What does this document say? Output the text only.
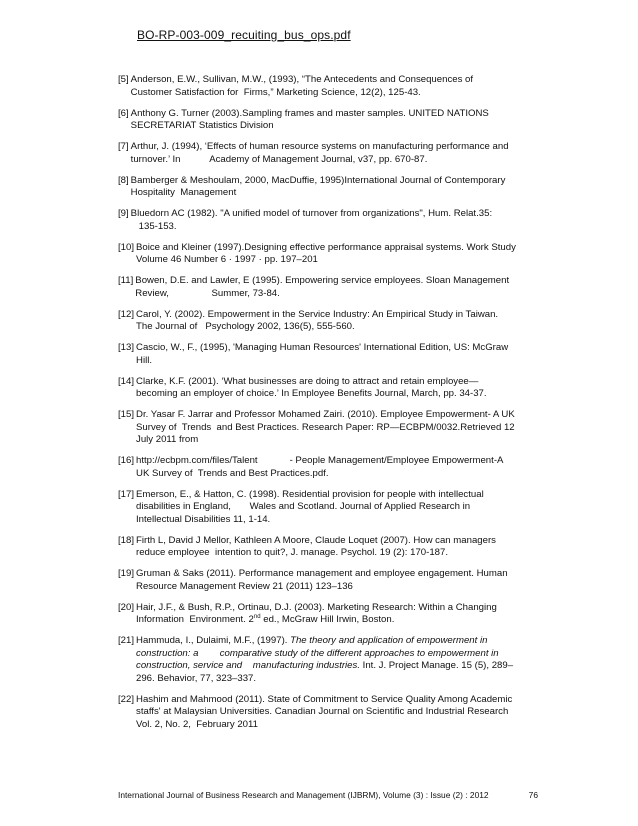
BO-RP-003-009_recuiting_bus_ops.pdf
[5] Anderson, E.W., Sullivan, M.W., (1993), “The Antecedents and Consequences of
Customer Satisfaction for  Firms,” Marketing Science, 12(2), 125-43.
[6] Anthony G. Turner (2003).Sampling frames and master samples. UNITED NATIONS
SECRETARIAT Statistics Division
[7] Arthur, J. (1994), ‘Effects of human resource systems on manufacturing performance and
turnover.’ In           Academy of Management Journal, v37, pp. 670-87.
[8] Bamberger & Meshoulam, 2000, MacDuffie, 1995)International Journal of Contemporary
Hospitality  Management
[9] Bluedorn AC (1982). "A unified model of turnover from organizations", Hum. Relat.35:
135-153.
[10] Boice and Kleiner (1997).Designing effective performance appraisal systems. Work Study
Volume 46 Number 6 · 1997 · pp. 197–201
[11] Bowen, D.E. and Lawler, E (1995). Empowering service employees. Sloan Management
Review,                Summer, 73-84.
[12] Carol, Y. (2002). Empowerment in the Service Industry: An Empirical Study in Taiwan.
The Journal of   Psychology 2002, 136(5), 555-560.
[13] Cascio, W., F., (1995), 'Managing Human Resources' International Edition, US: McGraw
Hill.
[14] Clarke, K.F. (2001). ‘What businesses are doing to attract and retain employee—
becoming an employer of choice.’ In Employee Benefits Journal, March, pp. 34-37.
[15] Dr. Yasar F. Jarrar and Professor Mohamed Zairi. (2010). Employee Empowerment- A UK
Survey of  Trends  and Best Practices. Research Paper: RP—ECBPM/0032.Retrieved 12
July 2011 from
[16] http://ecbpm.com/files/Talent            - People Management/Employee Empowerment-A
UK Survey of  Trends and Best Practices.pdf.
[17] Emerson, E., & Hatton, C. (1998). Residential provision for people with intellectual
disabilities in England,       Wales and Scotland. Journal of Applied Research in
Intellectual Disabilities 11, 1-14.
[18] Firth L, David J Mellor, Kathleen A Moore, Claude Loquet (2007). How can managers
reduce employee  intention to quit?, J. manage. Psychol. 19 (2): 170-187.
[19] Gruman & Saks (2011). Performance management and employee engagement. Human
Resource Management Review 21 (2011) 123–136
[20] Hair, J.F., & Bush, R.P., Ortinau, D.J. (2003). Marketing Research: Within a Changing
Information  Environment. 2nd ed., McGraw Hill Irwin, Boston.
[21] Hammuda, I., Dulaimi, M.F., (1997). The theory and application of empowerment in
construction: a        comparative study of the different approaches to empowerment in
construction, service and    manufacturing industries. Int. J. Project Manage. 15 (5), 289–
296. Behavior, 77, 323–337.
[22] Hashim and Mahmood (2011). State of Commitment to Service Quality Among Academic
staffs' at Malaysian Universities. Canadian Journal on Scientific and Industrial Research
Vol. 2, No. 2,  February 2011
International Journal of Business Research and Management (IJBRM), Volume (3) : Issue (2) : 2012	76
